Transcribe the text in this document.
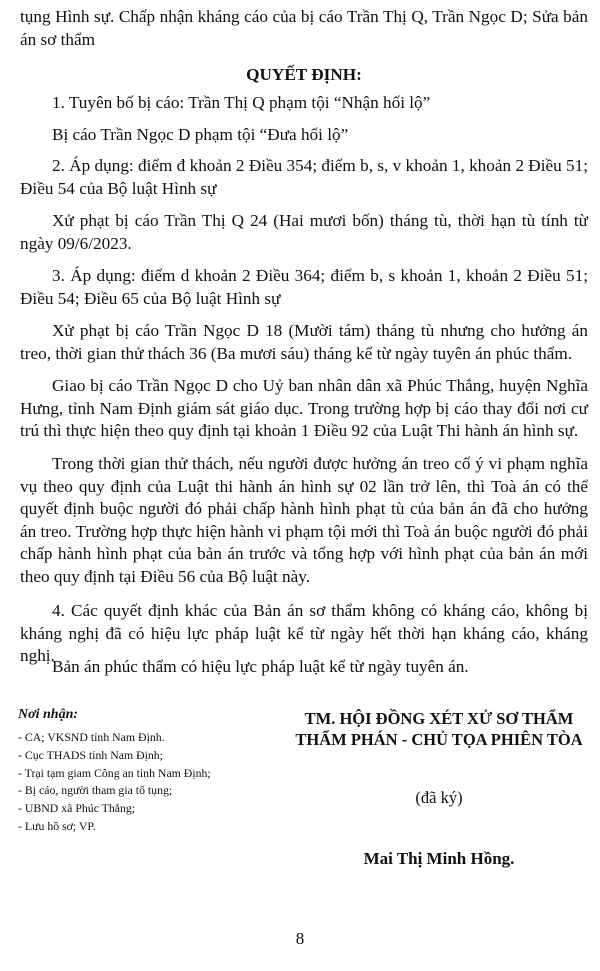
tụng Hình sự. Chấp nhận kháng cáo của bị cáo Trần Thị Q, Trần Ngọc D; Sửa bản án sơ thẩm

QUYẾT ĐỊNH:

1. Tuyên bố bị cáo: Trần Thị Q phạm tội “Nhận hối lộ”

Bị cáo Trần Ngọc D phạm tội “Đưa hối lộ”

2. Áp dụng: điểm đ khoản 2 Điều 354; điểm b, s, v khoản 1, khoản 2 Điều 51; Điều 54 của Bộ luật Hình sự

Xử phạt bị cáo Trần Thị Q 24 (Hai mươi bốn) tháng tù, thời hạn tù tính từ ngày 09/6/2023.

3. Áp dụng: điểm d khoản 2 Điều 364; điểm b, s khoản 1, khoản 2 Điều 51; Điều 54; Điều 65 của Bộ luật Hình sự

Xử phạt bị cáo Trần Ngọc D 18 (Mười tám) tháng tù nhưng cho hưởng án treo, thời gian thử thách 36 (Ba mươi sáu) tháng kể từ ngày tuyên án phúc thẩm.

Giao bị cáo Trần Ngọc D cho Uỷ ban nhân dân xã Phúc Thắng, huyện Nghĩa Hưng, tỉnh Nam Định giám sát giáo dục. Trong trường hợp bị cáo thay đổi nơi cư trú thì thực hiện theo quy định tại khoản 1 Điều 92 của Luật Thi hành án hình sự.

Trong thời gian thử thách, nếu người được hưởng án treo cố ý vi phạm nghĩa vụ theo quy định của Luật thi hành án hình sự 02 lần trở lên, thì Toà án có thể quyết định buộc người đó phải chấp hành hình phạt tù của bản án đã cho hưởng án treo. Trường hợp thực hiện hành vi phạm tội mới thì Toà án buộc người đó phải chấp hành hình phạt của bản án trước và tổng hợp với hình phạt của bản án mới theo quy định tại Điều 56 của Bộ luật này.

4. Các quyết định khác của Bản án sơ thẩm không có kháng cáo, không bị kháng nghị đã có hiệu lực pháp luật kể từ ngày hết thời hạn kháng cáo, kháng nghị.

Bản án phúc thẩm có hiệu lực pháp luật kể từ ngày tuyên án.

Nơi nhận:

- CA; VKSND tỉnh Nam Định.
- Cục THADS tỉnh Nam Định;
- Trại tạm giam Công an tỉnh Nam Định;
- Bị cáo, người tham gia tố tụng;
- UBND xã Phúc Thắng;
- Lưu hồ sơ; VP.

TM. HỘI ĐỒNG XÉT XỬ SƠ THẨM

THẨM PHÁN - CHỦ TỌA PHIÊN TÒA

(đã ký)

Mai Thị Minh Hồng.

8
